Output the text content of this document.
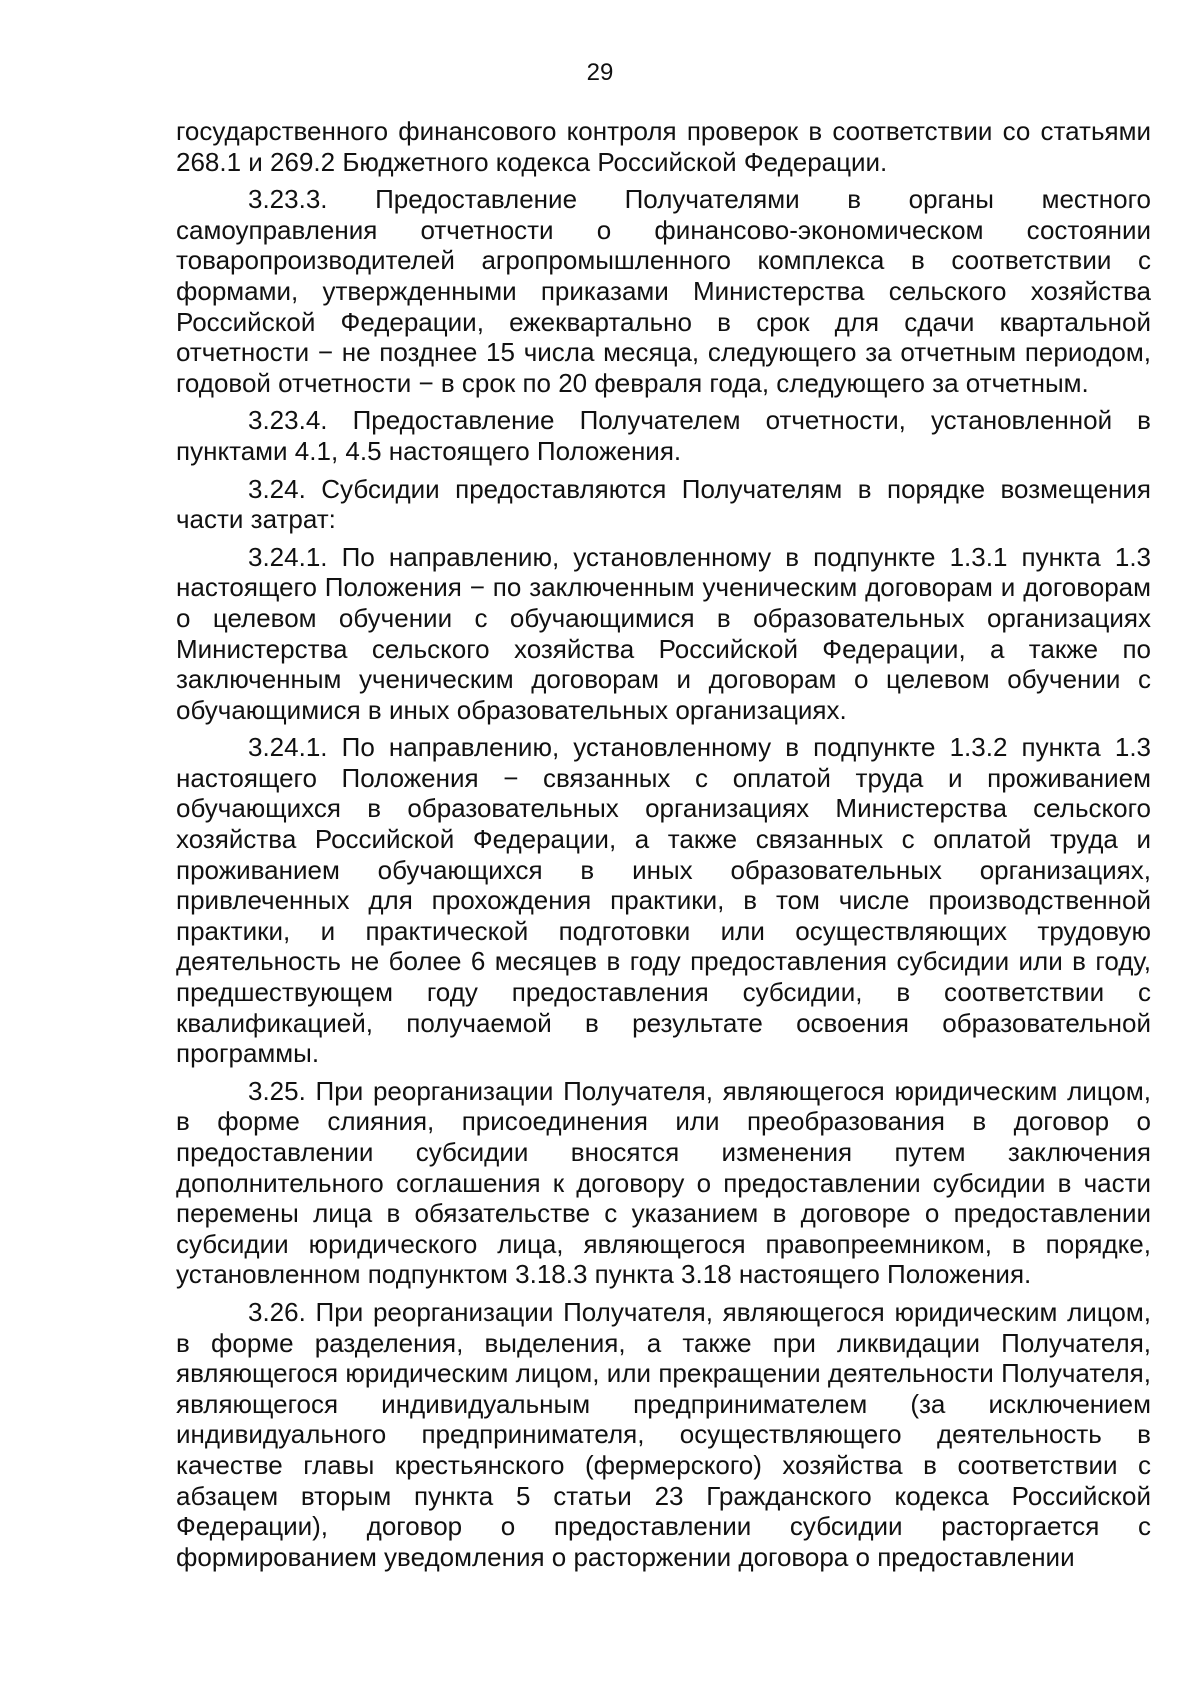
29

государственного финансового контроля проверок в соответствии со статьями 268.1 и 269.2 Бюджетного кодекса Российской Федерации.

3.23.3. Предоставление Получателями в органы местного самоуправления отчетности о финансово-экономическом состоянии товаропроизводителей агропромышленного комплекса в соответствии с формами, утвержденными приказами Министерства сельского хозяйства Российской Федерации, ежеквартально в срок для сдачи квартальной отчетности − не позднее 15 числа месяца, следующего за отчетным периодом, годовой отчетности − в срок по 20 февраля года, следующего за отчетным.

3.23.4. Предоставление Получателем отчетности, установленной в пунктами 4.1, 4.5 настоящего Положения.

3.24. Субсидии предоставляются Получателям в порядке возмещения части затрат:

3.24.1. По направлению, установленному в подпункте 1.3.1 пункта 1.3 настоящего Положения − по заключенным ученическим договорам и договорам о целевом обучении с обучающимися в образовательных организациях Министерства сельского хозяйства Российской Федерации, а также по заключенным ученическим договорам и договорам о целевом обучении с обучающимися в иных образовательных организациях.

3.24.1. По направлению, установленному в подпункте 1.3.2 пункта 1.3 настоящего Положения − связанных с оплатой труда и проживанием обучающихся в образовательных организациях Министерства сельского хозяйства Российской Федерации, а также связанных с оплатой труда и проживанием обучающихся в иных образовательных организациях, привлеченных для прохождения практики, в том числе производственной практики, и практической подготовки или осуществляющих трудовую деятельность не более 6 месяцев в году предоставления субсидии или в году, предшествующем году предоставления субсидии, в соответствии с квалификацией, получаемой в результате освоения образовательной программы.

3.25. При реорганизации Получателя, являющегося юридическим лицом, в форме слияния, присоединения или преобразования в договор о предоставлении субсидии вносятся изменения путем заключения дополнительного соглашения к договору о предоставлении субсидии в части перемены лица в обязательстве с указанием в договоре о предоставлении субсидии юридического лица, являющегося правопреемником, в порядке, установленном подпунктом 3.18.3 пункта 3.18 настоящего Положения.

3.26. При реорганизации Получателя, являющегося юридическим лицом, в форме разделения, выделения, а также при ликвидации Получателя, являющегося юридическим лицом, или прекращении деятельности Получателя, являющегося индивидуальным предпринимателем (за исключением индивидуального предпринимателя, осуществляющего деятельность в качестве главы крестьянского (фермерского) хозяйства в соответствии с абзацем вторым пункта 5 статьи 23 Гражданского кодекса Российской Федерации), договор о предоставлении субсидии расторгается с формированием уведомления о расторжении договора о предоставлении
